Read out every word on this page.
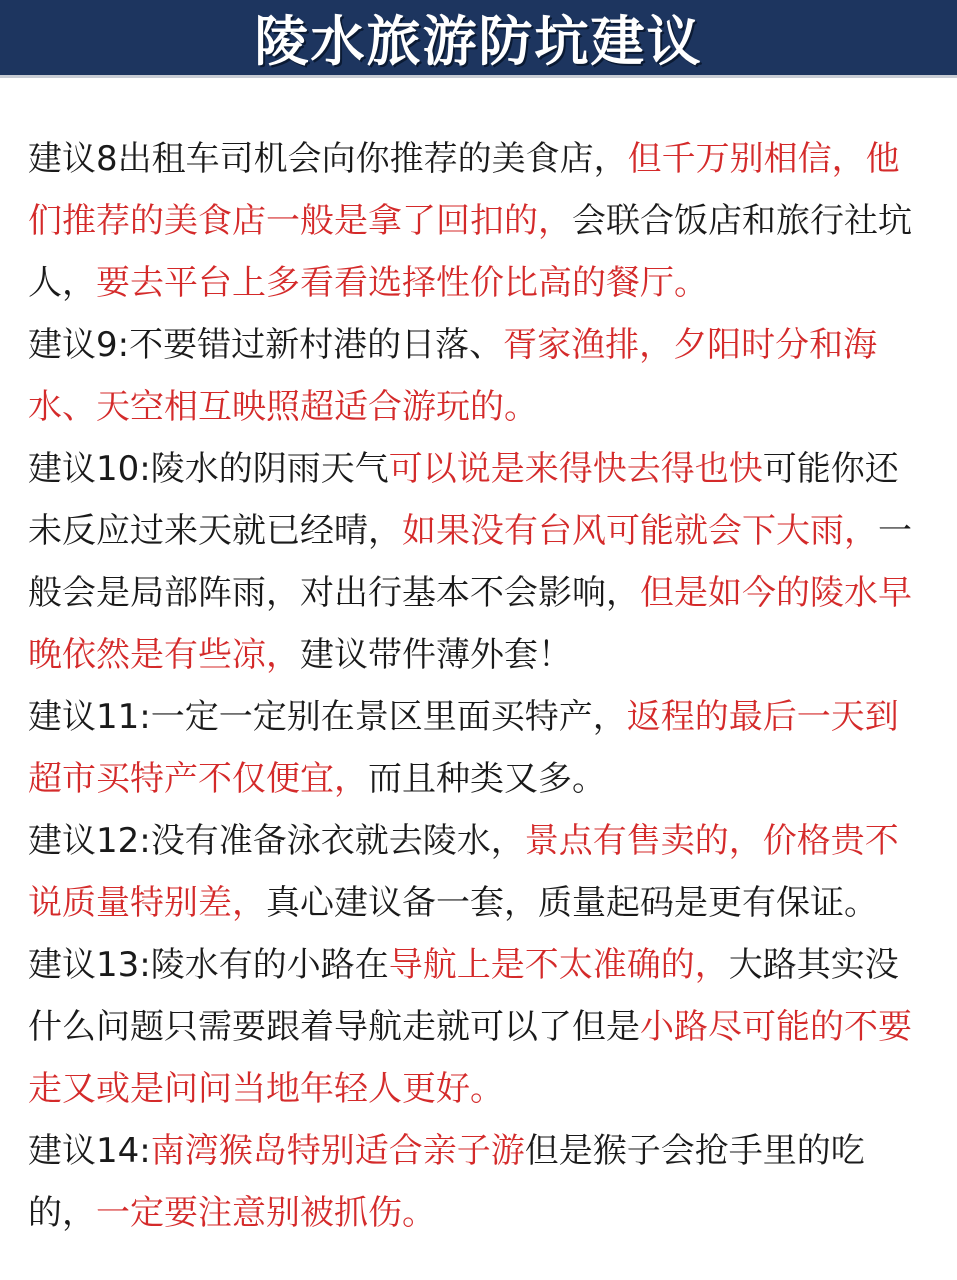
陵水旅游防坑建议

建议8出租车司机会向你推荐的美食店，但千万别相信，他们推荐的美食店一般是拿了回扣的，会联合饭店和旅行社坑人，要去平台上多看看选择性价比高的餐厅。

建议9:不要错过新村港的日落、胥家渔排，夕阳时分和海水、天空相互映照超适合游玩的。

建议10:陵水的阴雨天气可以说是来得快去得也快可能你还未反应过来天就已经晴，如果没有台风可能就会下大雨，一般会是局部阵雨，对出行基本不会影响，但是如今的陵水早晚依然是有些凉，建议带件薄外套！

建议11:一定一定别在景区里面买特产，返程的最后一天到超市买特产不仅便宜，而且种类又多。

建议12:没有准备泳衣就去陵水，景点有售卖的，价格贵不说质量特别差，真心建议备一套，质量起码是更有保证。

建议13:陵水有的小路在导航上是不太准确的，大路其实没什么问题只需要跟着导航走就可以了但是小路尽可能的不要走又或是问问当地年轻人更好。

建议14:南湾猴岛特别适合亲子游但是猴子会抢手里的吃的，一定要注意别被抓伤。
